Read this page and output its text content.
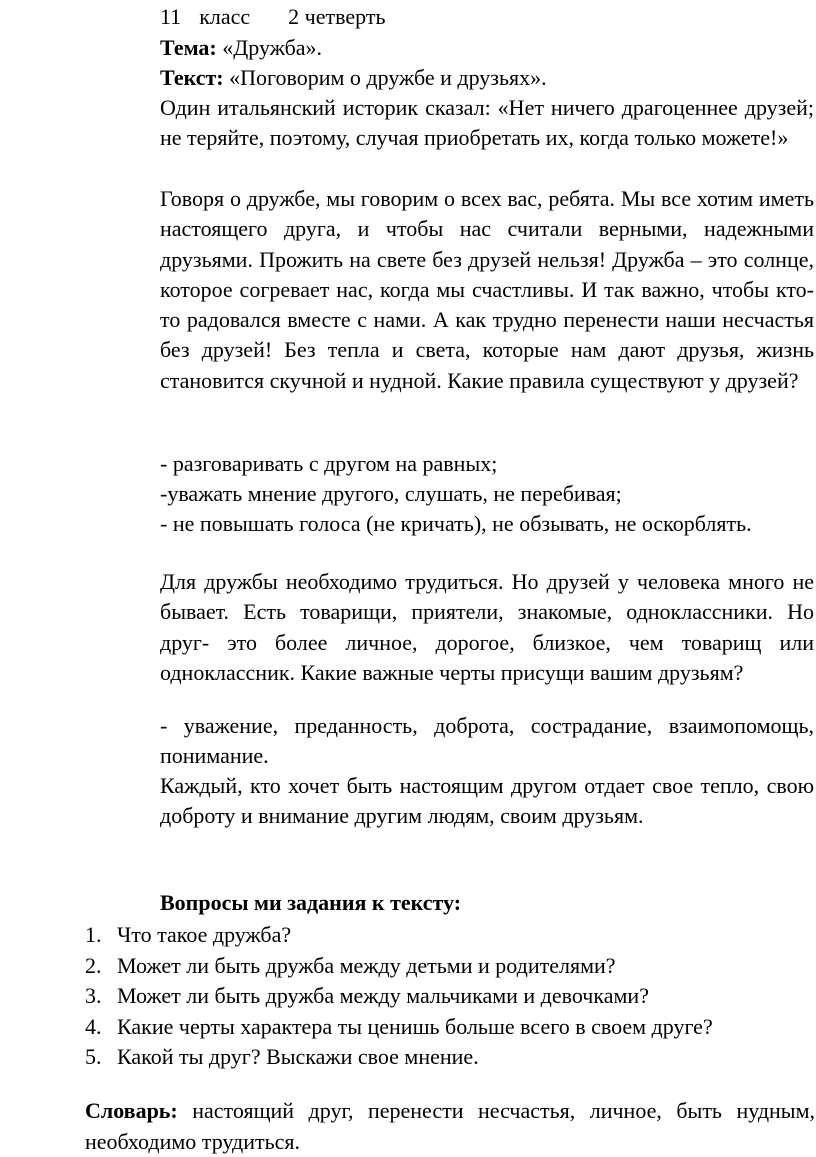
11 класс 2 четверть
Тема: «Дружба».
Текст: «Поговорим о дружбе и друзьях».
Один итальянский историк сказал: «Нет ничего драгоценнее друзей; не теряйте, поэтому, случая приобретать их, когда только можете!»
Говоря о дружбе, мы говорим о всех вас, ребята. Мы все хотим иметь настоящего друга, и чтобы нас считали верными, надежными друзьями. Прожить на свете без друзей нельзя! Дружба – это солнце, которое согревает нас, когда мы счастливы. И так важно, чтобы кто-то радовался вместе с нами. А как трудно перенести наши несчастья без друзей! Без тепла и света, которые нам дают друзья, жизнь становится скучной и нудной. Какие правила существуют у друзей?
- разговаривать с другом на равных;
-уважать мнение другого, слушать, не перебивая;
- не повышать голоса (не кричать), не обзывать, не оскорблять.
Для дружбы необходимо трудиться. Но друзей у человека много не бывает. Есть товарищи, приятели, знакомые, одноклассники. Но друг- это более личное, дорогое, близкое, чем товарищ или одноклассник. Какие важные черты присущи вашим друзьям?
- уважение, преданность, доброта, сострадание, взаимопомощь, понимание.
Каждый, кто хочет быть настоящим другом отдает свое тепло, свою доброту и внимание другим людям, своим друзьям.
Вопросы ми задания к тексту:
1. Что такое дружба?
2. Может ли быть дружба между детьми и родителями?
3. Может ли быть дружба между мальчиками и девочками?
4. Какие черты характера ты ценишь больше всего в своем друге?
5. Какой ты друг? Выскажи свое мнение.
Словарь: настоящий друг, перенести несчастья, личное, быть нудным, необходимо трудиться.
